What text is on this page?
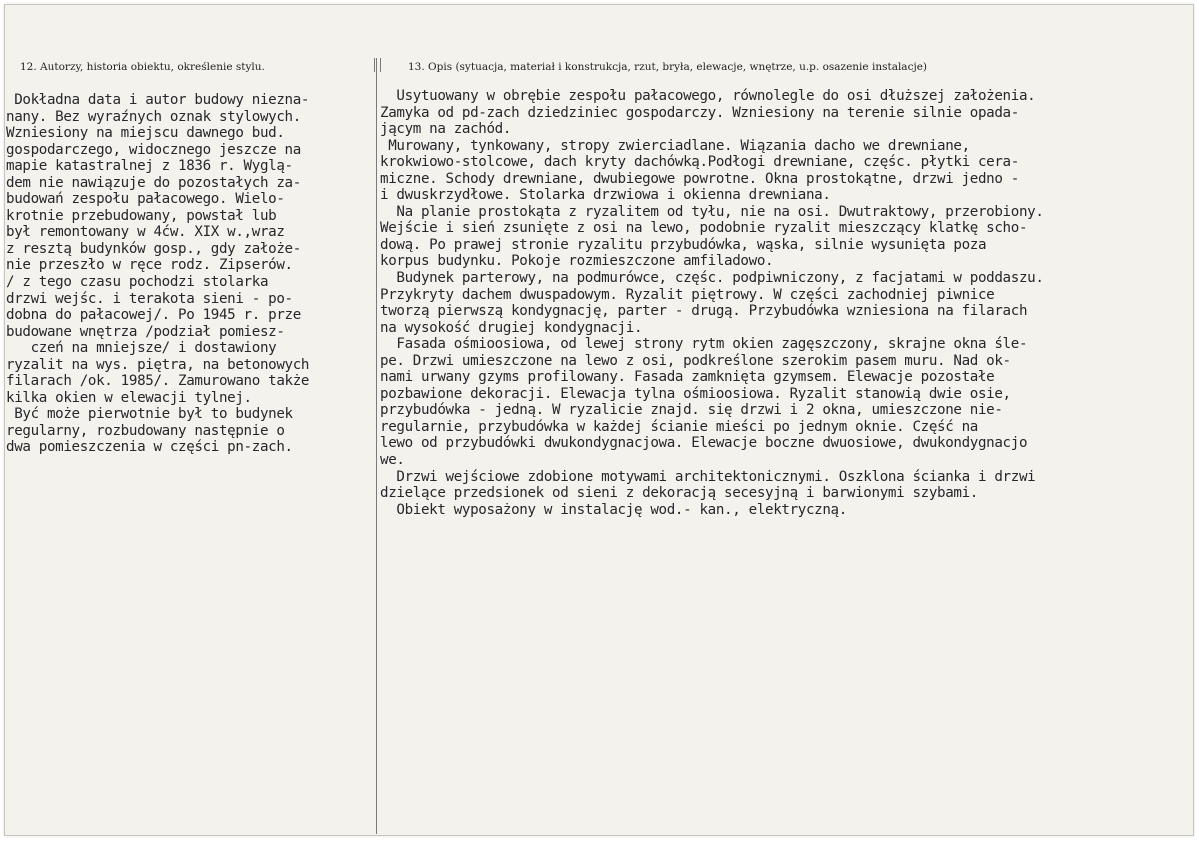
12. Autorzy, historia obiektu, określenie stylu.	13. Opis (sytuacja, materiał i konstrukcja, rzut, bryła, elewacje, wnętrze, u.p. osazenie instalacje)
Dokładna data i autor budowy niezna-
nany. Bez wyraźnych oznak stylowych.
Wzniesiony na miejscu dawnego bud.
gospodarczego, widocznego jeszcze na
mapie katastralnej z 1836 r. Wyglą-
dem nie nawiązuje do pozostałych za-
budowań zespołu pałacowego. Wielo-
krotnie przebudowany, powstał lub
był remontowany w 4ćw. XIX w.,wraz
z resztą budynków gosp., gdy założe-
nie przeszło w ręce rodz. Zipserów.
/ z tego czasu pochodzi stolarka
drzwi wejśc. i terakota sieni - po-
dobna do pałacowej/. Po 1945 r. prze
budowane wnętrza /podział pomiesz-
czeń na mniejsze/ i dostawiony
ryzalit na wys. piętra, na betonowych
filarach /ok. 1985/. Zamurowano także
kilka okien w elewacji tylnej.
Być może pierwotnie był to budynek
regularny, rozbudowany następnie o
dwa pomieszczenia w części pn-zach.
Usytuowany w obrębie zespołu pałacowego, równolegle do osi dłuższej założenia.
Zamyka od pd-zach dziedziniec gospodarczy. Wzniesiony na terenie silnie opada-
jącym na zachód.
Murowany, tynkowany, stropy zwierciadlane. Wiązania dacho we drewniane,
krokwiowo-stolcowe, dach kryty dachówką.Podłogi drewniane, częśc. płytki cera-
miczne. Schody drewniane, dwubiegowe powrotne. Okna prostokątne, drzwi jedno -
i dwuskrzydłowe. Stolarka drzwiowa i okienna drewniana.
Na planie prostokąta z ryzalitem od tyłu, nie na osi. Dwutraktowy, przerobiony.
Wejście i sień zsunięte z osi na lewo, podobnie ryzalit mieszczący klatkę scho-
dową. Po prawej stronie ryzalitu przybudówka, wąska, silnie wysunięta poza
korpus budynku. Pokoje rozmieszczone amfiladowo.
Budynek parterowy, na podmurówce, częśc. podpiwniczony, z facjatami w poddaszu.
Przykryty dachem dwuspadowym. Ryzalit piętrowy. W części zachodniej piwnice
tworzą pierwszą kondygnację, parter - drugą. Przybudówka wzniesiona na filarach
na wysokość drugiej kondygnacji.
Fasada ośmioosiowa, od lewej strony rytm okien zagęszczony, skrajne okna śle-
pe. Drzwi umieszczone na lewo z osi, podkreślone szerokim pasem muru. Nad ok-
nami urwany gzyms profilowany. Fasada zamknięta gzymsem. Elewacje pozostałe
pozbawione dekoracji. Elewacja tylna ośmioosiowa. Ryzalit stanowią dwie osie,
przybudówka - jedną. W ryzalicie znajd. się drzwi i 2 okna, umieszczone nie-
regularnie, przybudówka w każdej ścianie mieści po jednym oknie. Część na
lewo od przybudówki dwukondygnacjowa. Elewacje boczne dwuosiowe, dwukondygnacjo
we.
Drzwi wejściowe zdobione motywami architektonicznymi. Oszklona ścianka i drzwi
dzielące przedsionek od sieni z dekoracją secesyjną i barwionymi szybami.
Obiekt wyposażony w instalację wod.- kan., elektryczną.
